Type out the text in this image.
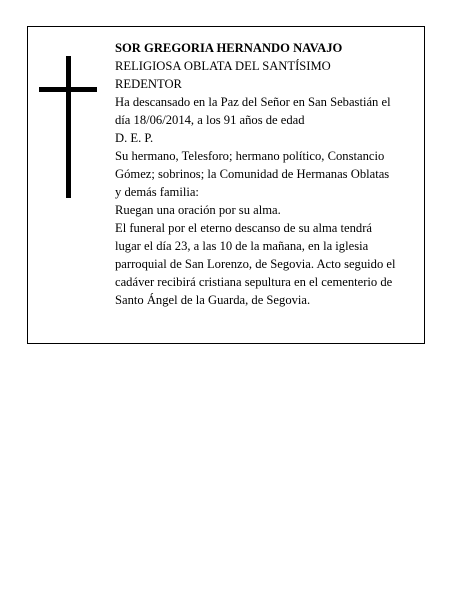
SOR GREGORIA HERNANDO NAVAJO

RELIGIOSA OBLATA DEL SANTÍSIMO
REDENTOR

Ha descansado en la Paz del Señor en San Sebastián el
día 18/06/2014, a los 91 años de edad

D. E. P.

Su hermano, Telesforo; hermano político, Constancio
Gómez; sobrinos; la Comunidad de Hermanas Oblatas
y demás familia:

Ruegan una oración por su alma.

El funeral por el eterno descanso de su alma tendrá
lugar el día 23, a las 10 de la mañana, en la iglesia
parroquial de San Lorenzo, de Segovia. Acto seguido el
cadáver recibirá cristiana sepultura en el cementerio de
Santo Ángel de la Guarda, de Segovia.
